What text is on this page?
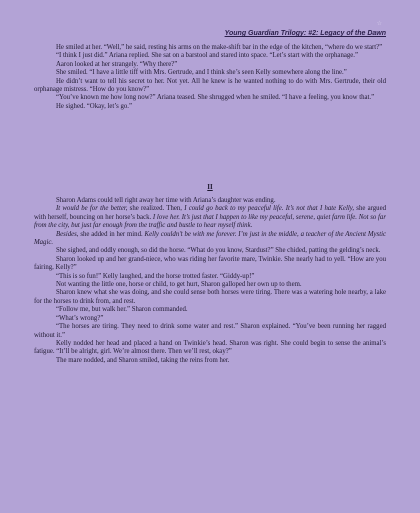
☆
Young Guardian Trilogy: #2: Legacy of the Dawn

He smiled at her. “Well,” he said, resting his arms on the make-shift bar in the edge of the kitchen, “where do we start?”

“I think I just did.” Ariana replied. She sat on a barstool and stared into space. “Let’s start with the orphanage.”

Aaron looked at her strangely. “Why there?”

She smiled. “I have a little tiff with Mrs. Gertrude, and I think she’s seen Kelly somewhere along the line.”

He didn’t want to tell his secret to her. Not yet. All he knew is he wanted nothing to do with Mrs. Gertrude, their old orphanage mistress. “How do you know?”

“You’ve known me how long now?” Ariana teased. She shrugged when he smiled. “I have a feeling, you know that.”

He sighed. “Okay, let’s go.”

II

Sharon Adams could tell right away her time with Ariana’s daughter was ending.

It would be for the better, she realized. Then, I could go back to my peaceful life. It’s not that I hate Kelly, she argued with herself, bouncing on her horse’s back. I love her. It’s just that I happen to like my peaceful, serene, quiet farm life. Not so far from the city, but just far enough from the traffic and bustle to hear myself think.

Besides, she added in her mind. Kelly couldn’t be with me forever. I’m just in the middle, a teacher of the Ancient Mystic Magic.

She sighed, and oddly enough, so did the horse. “What do you know, Stardust?” She chided, patting the gelding’s neck.

Sharon looked up and her grand-niece, who was riding her favorite mare, Twinkie. She nearly had to yell. “How are you fairing, Kelly?”

“This is so fun!” Kelly laughed, and the horse trotted faster. “Giddy-up!”

Not wanting the little one, horse or child, to get hurt, Sharon galloped her own up to them.

Sharon knew what she was doing, and she could sense both horses were tiring. There was a watering hole nearby, a lake for the horses to drink from, and rest.

“Follow me, but walk her.” Sharon commanded.

“What’s wrong?”

“The horses are tiring. They need to drink some water and rest.” Sharon explained. “You’ve been running her ragged without it.”

Kelly nodded her head and placed a hand on Twinkie’s head. Sharon was right. She could begin to sense the animal’s fatigue. “It’ll be alright, girl. We’re almost there. Then we’ll rest, okay?”

The mare nodded, and Sharon smiled, taking the reins from her.
